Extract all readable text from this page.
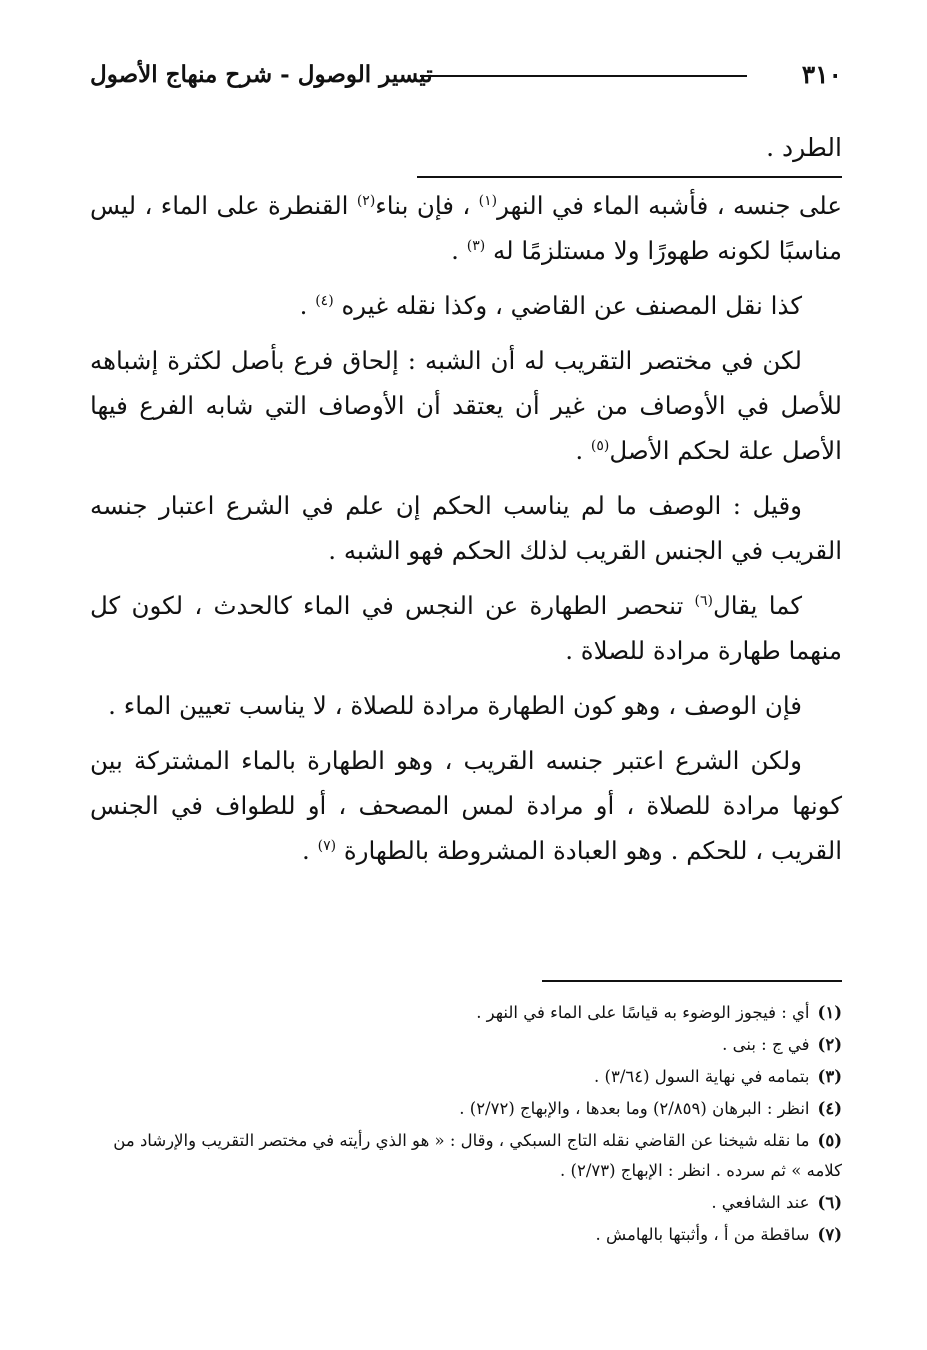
٣١٠
تيسير الوصول - شرح منهاج الأصول
الطرد .

على جنسه ، فأشبه الماء في النهر$^{(١)}$ ، فإن بناء$^{(٢)}$ القنطرة على الماء ، ليس مناسبًا لكونه طهورًا ولا مستلزمًا له $^{(٣)}$ .

كذا نقل المصنف عن القاضي ، وكذا نقله غيره $^{(٤)}$ .

لكن في مختصر التقريب له أن الشبه : إلحاق فرع بأصل لكثرة إشباهه للأصل في الأوصاف من غير أن يعتقد أن الأوصاف التي شابه الفرع فيها الأصل علة لحكم الأصل$^{(٥)}$ .

وقيل : الوصف ما لم يناسب الحكم إن علم في الشرع اعتبار جنسه القريب في الجنس القريب لذلك الحكم فهو الشبه .

كما يقال$^{(٦)}$ تنحصر الطهارة عن النجس في الماء كالحدث ، لكون كل منهما طهارة مرادة للصلاة .

فإن الوصف ، وهو كون الطهارة مرادة للصلاة ، لا يناسب تعيين الماء .

ولكن الشرع اعتبر جنسه القريب ، وهو الطهارة بالماء المشتركة بين كونها مرادة للصلاة ، أو مرادة لمس المصحف ، أو للطواف في الجنس القريب ، للحكم . وهو العبادة المشروطة بالطهارة $^{(٧)}$ .

(١)أي : فيجوز الوضوء به قياسًا على الماء في النهر .

(٢)في ج : بنى .

(٣)بتمامه في نهاية السول (٣/٦٤) .

(٤)انظر : البرهان (٢/٨٥٩) وما بعدها ، والإبهاج (٢/٧٢) .

(٥)ما نقله شيخنا عن القاضي نقله التاج السبكي ، وقال : « هو الذي رأيته في مختصر التقريب والإرشاد من كلامه » ثم سرده . انظر : الإبهاج (٢/٧٣) .

(٦)عند الشافعي .

(٧)ساقطة من أ ، وأثبتها بالهامش .
